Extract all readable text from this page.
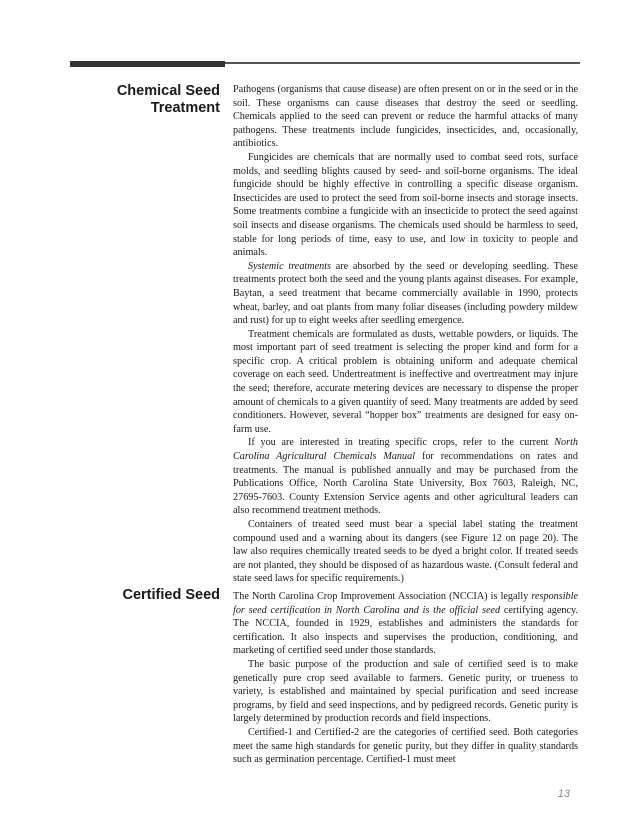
Chemical Seed
Treatment

Pathogens (organisms that cause disease) are often present on or in the seed or in the soil. These organisms can cause diseases that destroy the seed or seedling. Chemicals applied to the seed can prevent or reduce the harmful attacks of many pathogens. These treatments include fungicides, insecticides, and, occasionally, antibiotics.

Fungicides are chemicals that are normally used to combat seed rots, surface molds, and seedling blights caused by seed- and soil-borne organisms. The ideal fungicide should be highly effective in controlling a specific disease organism. Insecticides are used to protect the seed from soil-borne insects and storage insects. Some treatments combine a fungicide with an insecticide to protect the seed against soil insects and disease organisms. The chemicals used should be harmless to seed, stable for long periods of time, easy to use, and low in toxicity to people and animals.

Systemic treatments are absorbed by the seed or developing seedling. These treatments protect both the seed and the young plants against diseases. For example, Baytan, a seed treatment that became commercially available in 1990, protects wheat, barley, and oat plants from many foliar diseases (including powdery mildew and rust) for up to eight weeks after seedling emergence.

Treatment chemicals are formulated as dusts, wettable powders, or liquids. The most important part of seed treatment is selecting the proper kind and form for a specific crop. A critical problem is obtaining uniform and adequate chemical coverage on each seed. Undertreatment is ineffective and overtreatment may injure the seed; therefore, accurate metering devices are necessary to dispense the proper amount of chemicals to a given quantity of seed. Many treatments are added by seed conditioners. However, several “hopper box” treatments are designed for easy on-farm use.

If you are interested in treating specific crops, refer to the current North Carolina Agricultural Chemicals Manual for recommendations on rates and treatments. The manual is published annually and may be purchased from the Publications Office, North Carolina State University, Box 7603, Raleigh, NC, 27695-7603. County Extension Service agents and other agricultural leaders can also recommend treatment methods.

Containers of treated seed must bear a special label stating the treatment compound used and a warning about its dangers (see Figure 12 on page 20). The law also requires chemically treated seeds to be dyed a bright color. If treated seeds are not planted, they should be disposed of as hazardous waste. (Consult federal and state seed laws for specific requirements.)

Certified Seed The North Carolina Crop Improvement Association (NCCIA) is legally responsible for seed certification in North Carolina and is the official seed certifying agency. The NCCIA, founded in 1929, establishes and administers the standards for certification. It also inspects and supervises the production, conditioning, and marketing of certified seed under those standards.

The basic purpose of the production and sale of certified seed is to make genetically pure crop seed available to farmers. Genetic purity, or trueness to variety, is established and maintained by special purification and seed increase programs, by field and seed inspections, and by pedigreed records. Genetic purity is largely determined by production records and field inspections.

Certified-1 and Certified-2 are the categories of certified seed. Both categories meet the same high standards for genetic purity, but they differ in quality standards such as germination percentage. Certified-1 must meet

13
